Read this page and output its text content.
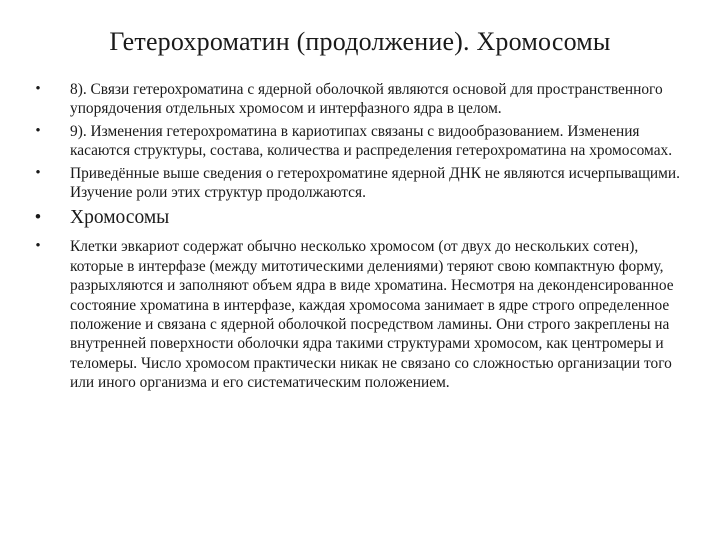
Гетерохроматин (продолжение). Хромосомы
•	8). Связи гетерохроматина с ядерной оболочкой являются основой для пространственного упорядочения отдельных хромосом и интерфазного ядра в целом.
•	9). Изменения гетерохроматина в кариотипах связаны с видообразованием. Изменения касаются структуры, состава, количества и распределения гетерохроматина на хромосомах.
•	Приведённые выше сведения о гетерохроматине ядерной ДНК не являются исчерпыващими. Изучение роли этих структур продолжаются.
• Хромосомы
•	Клетки эвкариот содержат обычно несколько хромосом (от двух до нескольких сотен), которые в интерфазе (между митотическими делениями) теряют свою компактную форму, разрыхляются и заполняют объем ядра в виде хроматина. Несмотря на деконденсированное состояние хроматина в интерфазе, каждая хромосома занимает в ядре строго определенное положение и связана с ядерной оболочкой посредством ламины. Они строго закреплены на внутренней поверхности оболочки ядра такими структурами хромосом, как центромеры и теломеры. Число хромосом практически никак не связано со сложностью организации того или иного организма и его систематическим положением.
